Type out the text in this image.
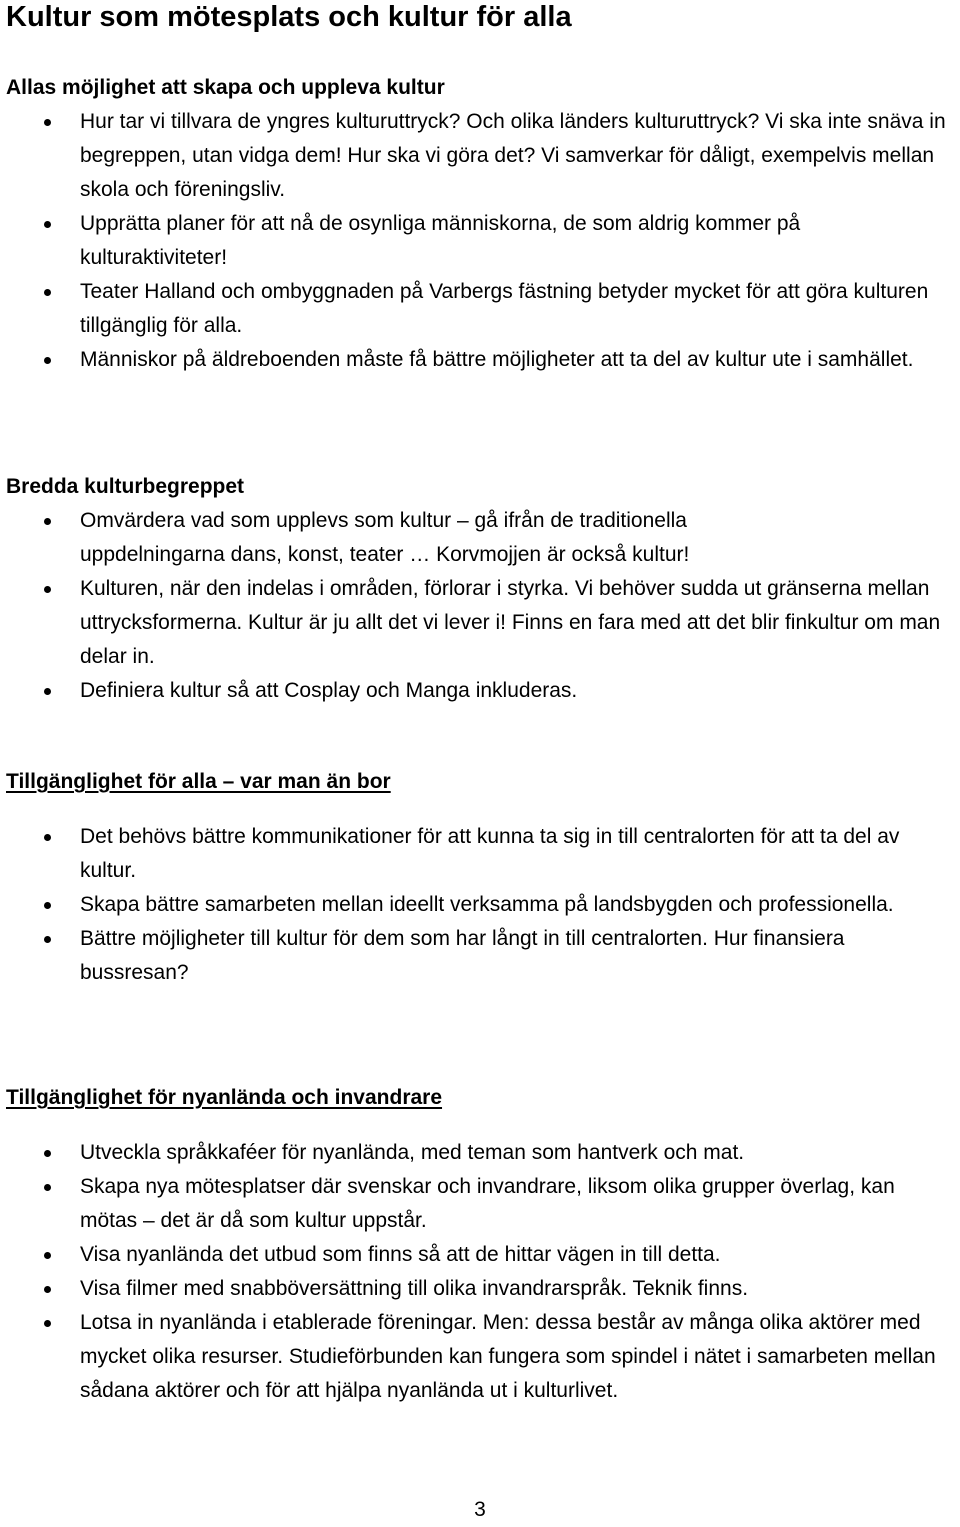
Kultur som mötesplats och kultur för alla
Allas möjlighet att skapa och uppleva kultur
Hur tar vi tillvara de yngres kulturuttryck? Och olika länders kulturuttryck? Vi ska inte snäva in begreppen, utan vidga dem! Hur ska vi göra det? Vi samverkar för dåligt, exempelvis mellan skola och föreningsliv.
Upprätta planer för att nå de osynliga människorna, de som aldrig kommer på kulturaktiviteter!
Teater Halland och ombyggnaden på Varbergs fästning betyder mycket för att göra kulturen tillgänglig för alla.
Människor på äldreboenden måste få bättre möjligheter att ta del av kultur ute i samhället.
Bredda kulturbegreppet
Omvärdera vad som upplevs som kultur – gå ifrån de traditionella uppdelningarna dans, konst, teater … Korvmojjen är också kultur!
Kulturen, när den indelas i områden, förlorar i styrka. Vi behöver sudda ut gränserna mellan uttrycksformerna. Kultur är ju allt det vi lever i! Finns en fara med att det blir finkultur om man delar in.
Definiera kultur så att Cosplay och Manga inkluderas.
Tillgänglighet för alla – var man än bor
Det behövs bättre kommunikationer för att kunna ta sig in till centralorten för att ta del av kultur.
Skapa bättre samarbeten mellan ideellt verksamma på landsbygden och professionella.
Bättre möjligheter till kultur för dem som har långt in till centralorten. Hur finansiera bussresan?
Tillgänglighet för nyanlända och invandrare
Utveckla språkkaféer för nyanlända, med teman som hantverk och mat.
Skapa nya mötesplatser där svenskar och invandrare, liksom olika grupper överlag, kan mötas – det är då som kultur uppstår.
Visa nyanlända det utbud som finns så att de hittar vägen in till detta.
Visa filmer med snabböversättning till olika invandrarspråk. Teknik finns.
Lotsa in nyanlända i etablerade föreningar. Men: dessa består av många olika aktörer med mycket olika resurser. Studieförbunden kan fungera som spindel i nätet i samarbeten mellan sådana aktörer och för att hjälpa nyanlända ut i kulturlivet.
3
